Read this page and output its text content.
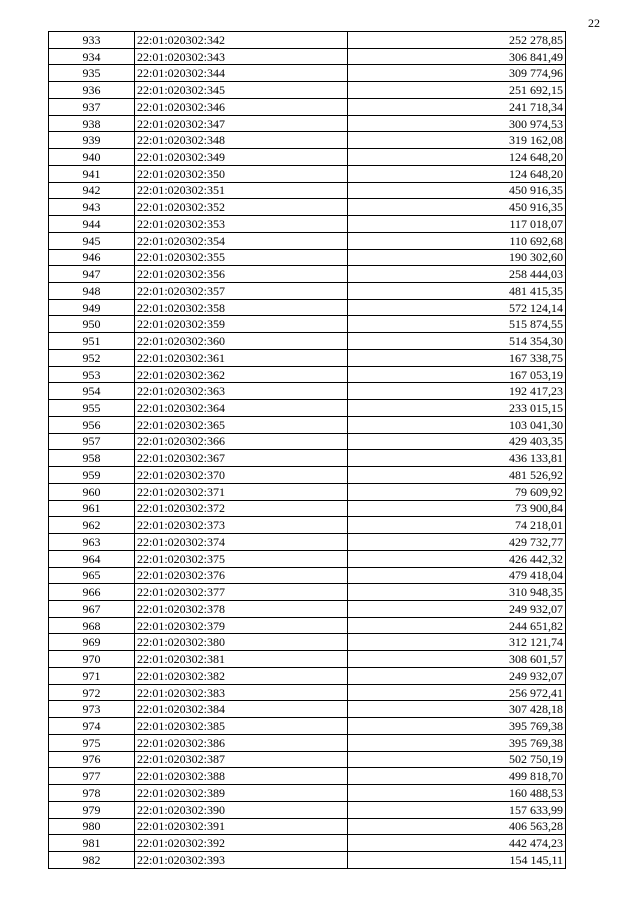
22
933	22:01:020302:342	252 278,85
934	22:01:020302:343	306 841,49
935	22:01:020302:344	309 774,96
936	22:01:020302:345	251 692,15
937	22:01:020302:346	241 718,34
938	22:01:020302:347	300 974,53
939	22:01:020302:348	319 162,08
940	22:01:020302:349	124 648,20
941	22:01:020302:350	124 648,20
942	22:01:020302:351	450 916,35
943	22:01:020302:352	450 916,35
944	22:01:020302:353	117 018,07
945	22:01:020302:354	110 692,68
946	22:01:020302:355	190 302,60
947	22:01:020302:356	258 444,03
948	22:01:020302:357	481 415,35
949	22:01:020302:358	572 124,14
950	22:01:020302:359	515 874,55
951	22:01:020302:360	514 354,30
952	22:01:020302:361	167 338,75
953	22:01:020302:362	167 053,19
954	22:01:020302:363	192 417,23
955	22:01:020302:364	233 015,15
956	22:01:020302:365	103 041,30
957	22:01:020302:366	429 403,35
958	22:01:020302:367	436 133,81
959	22:01:020302:370	481 526,92
960	22:01:020302:371	79 609,92
961	22:01:020302:372	73 900,84
962	22:01:020302:373	74 218,01
963	22:01:020302:374	429 732,77
964	22:01:020302:375	426 442,32
965	22:01:020302:376	479 418,04
966	22:01:020302:377	310 948,35
967	22:01:020302:378	249 932,07
968	22:01:020302:379	244 651,82
969	22:01:020302:380	312 121,74
970	22:01:020302:381	308 601,57
971	22:01:020302:382	249 932,07
972	22:01:020302:383	256 972,41
973	22:01:020302:384	307 428,18
974	22:01:020302:385	395 769,38
975	22:01:020302:386	395 769,38
976	22:01:020302:387	502 750,19
977	22:01:020302:388	499 818,70
978	22:01:020302:389	160 488,53
979	22:01:020302:390	157 633,99
980	22:01:020302:391	406 563,28
981	22:01:020302:392	442 474,23
982	22:01:020302:393	154 145,11
